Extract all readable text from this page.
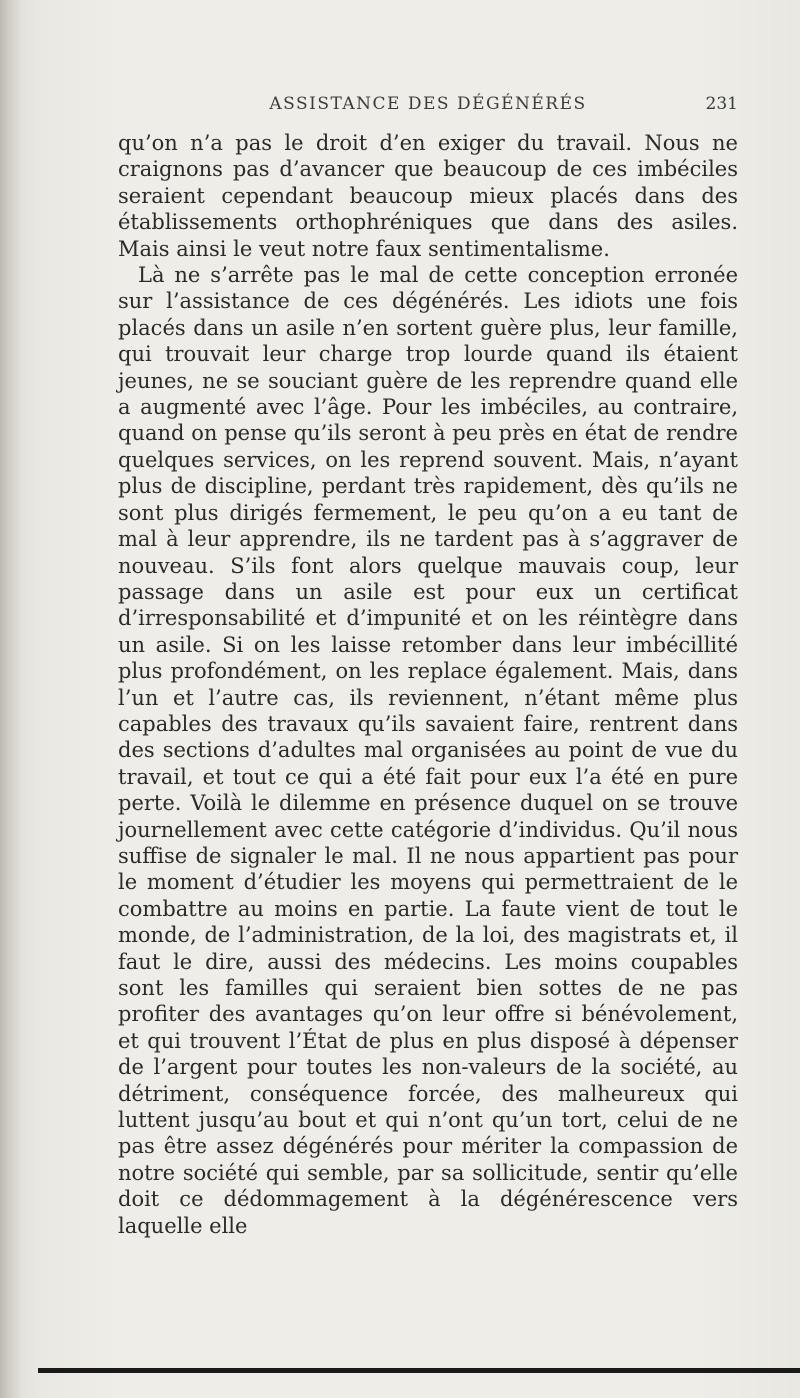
ASSISTANCE DES DÉGÉNÉRÉS	231

qu’on n’a pas le droit d’en exiger du travail. Nous ne craignons pas d’avancer que beaucoup de ces imbéciles seraient cependant beaucoup mieux placés dans des établissements orthophréniques que dans des asiles. Mais ainsi le veut notre faux sentimentalisme.

Là ne s’arrête pas le mal de cette conception erronée sur l’assistance de ces dégénérés. Les idiots une fois placés dans un asile n’en sortent guère plus, leur famille, qui trouvait leur charge trop lourde quand ils étaient jeunes, ne se souciant guère de les reprendre quand elle a augmenté avec l’âge. Pour les imbéciles, au contraire, quand on pense qu’ils seront à peu près en état de rendre quelques services, on les reprend souvent. Mais, n’ayant plus de discipline, perdant très rapidement, dès qu’ils ne sont plus dirigés fermement, le peu qu’on a eu tant de mal à leur apprendre, ils ne tardent pas à s’aggraver de nouveau. S’ils font alors quelque mauvais coup, leur passage dans un asile est pour eux un certificat d’irresponsabilité et d’impunité et on les réintègre dans un asile. Si on les laisse retomber dans leur imbécillité plus profondément, on les replace également. Mais, dans l’un et l’autre cas, ils reviennent, n’étant même plus capables des travaux qu’ils savaient faire, rentrent dans des sections d’adultes mal organisées au point de vue du travail, et tout ce qui a été fait pour eux l’a été en pure perte. Voilà le dilemme en présence duquel on se trouve journellement avec cette catégorie d’individus. Qu’il nous suffise de signaler le mal. Il ne nous appartient pas pour le moment d’étudier les moyens qui permettraient de le combattre au moins en partie. La faute vient de tout le monde, de l’administration, de la loi, des magistrats et, il faut le dire, aussi des médecins. Les moins coupables sont les familles qui seraient bien sottes de ne pas profiter des avantages qu’on leur offre si bénévolement, et qui trouvent l’État de plus en plus disposé à dépenser de l’argent pour toutes les non-valeurs de la société, au détriment, conséquence forcée, des malheureux qui luttent jusqu’au bout et qui n’ont qu’un tort, celui de ne pas être assez dégénérés pour mériter la compassion de notre société qui semble, par sa sollicitude, sentir qu’elle doit ce dédommagement à la dégénérescence vers laquelle elle
